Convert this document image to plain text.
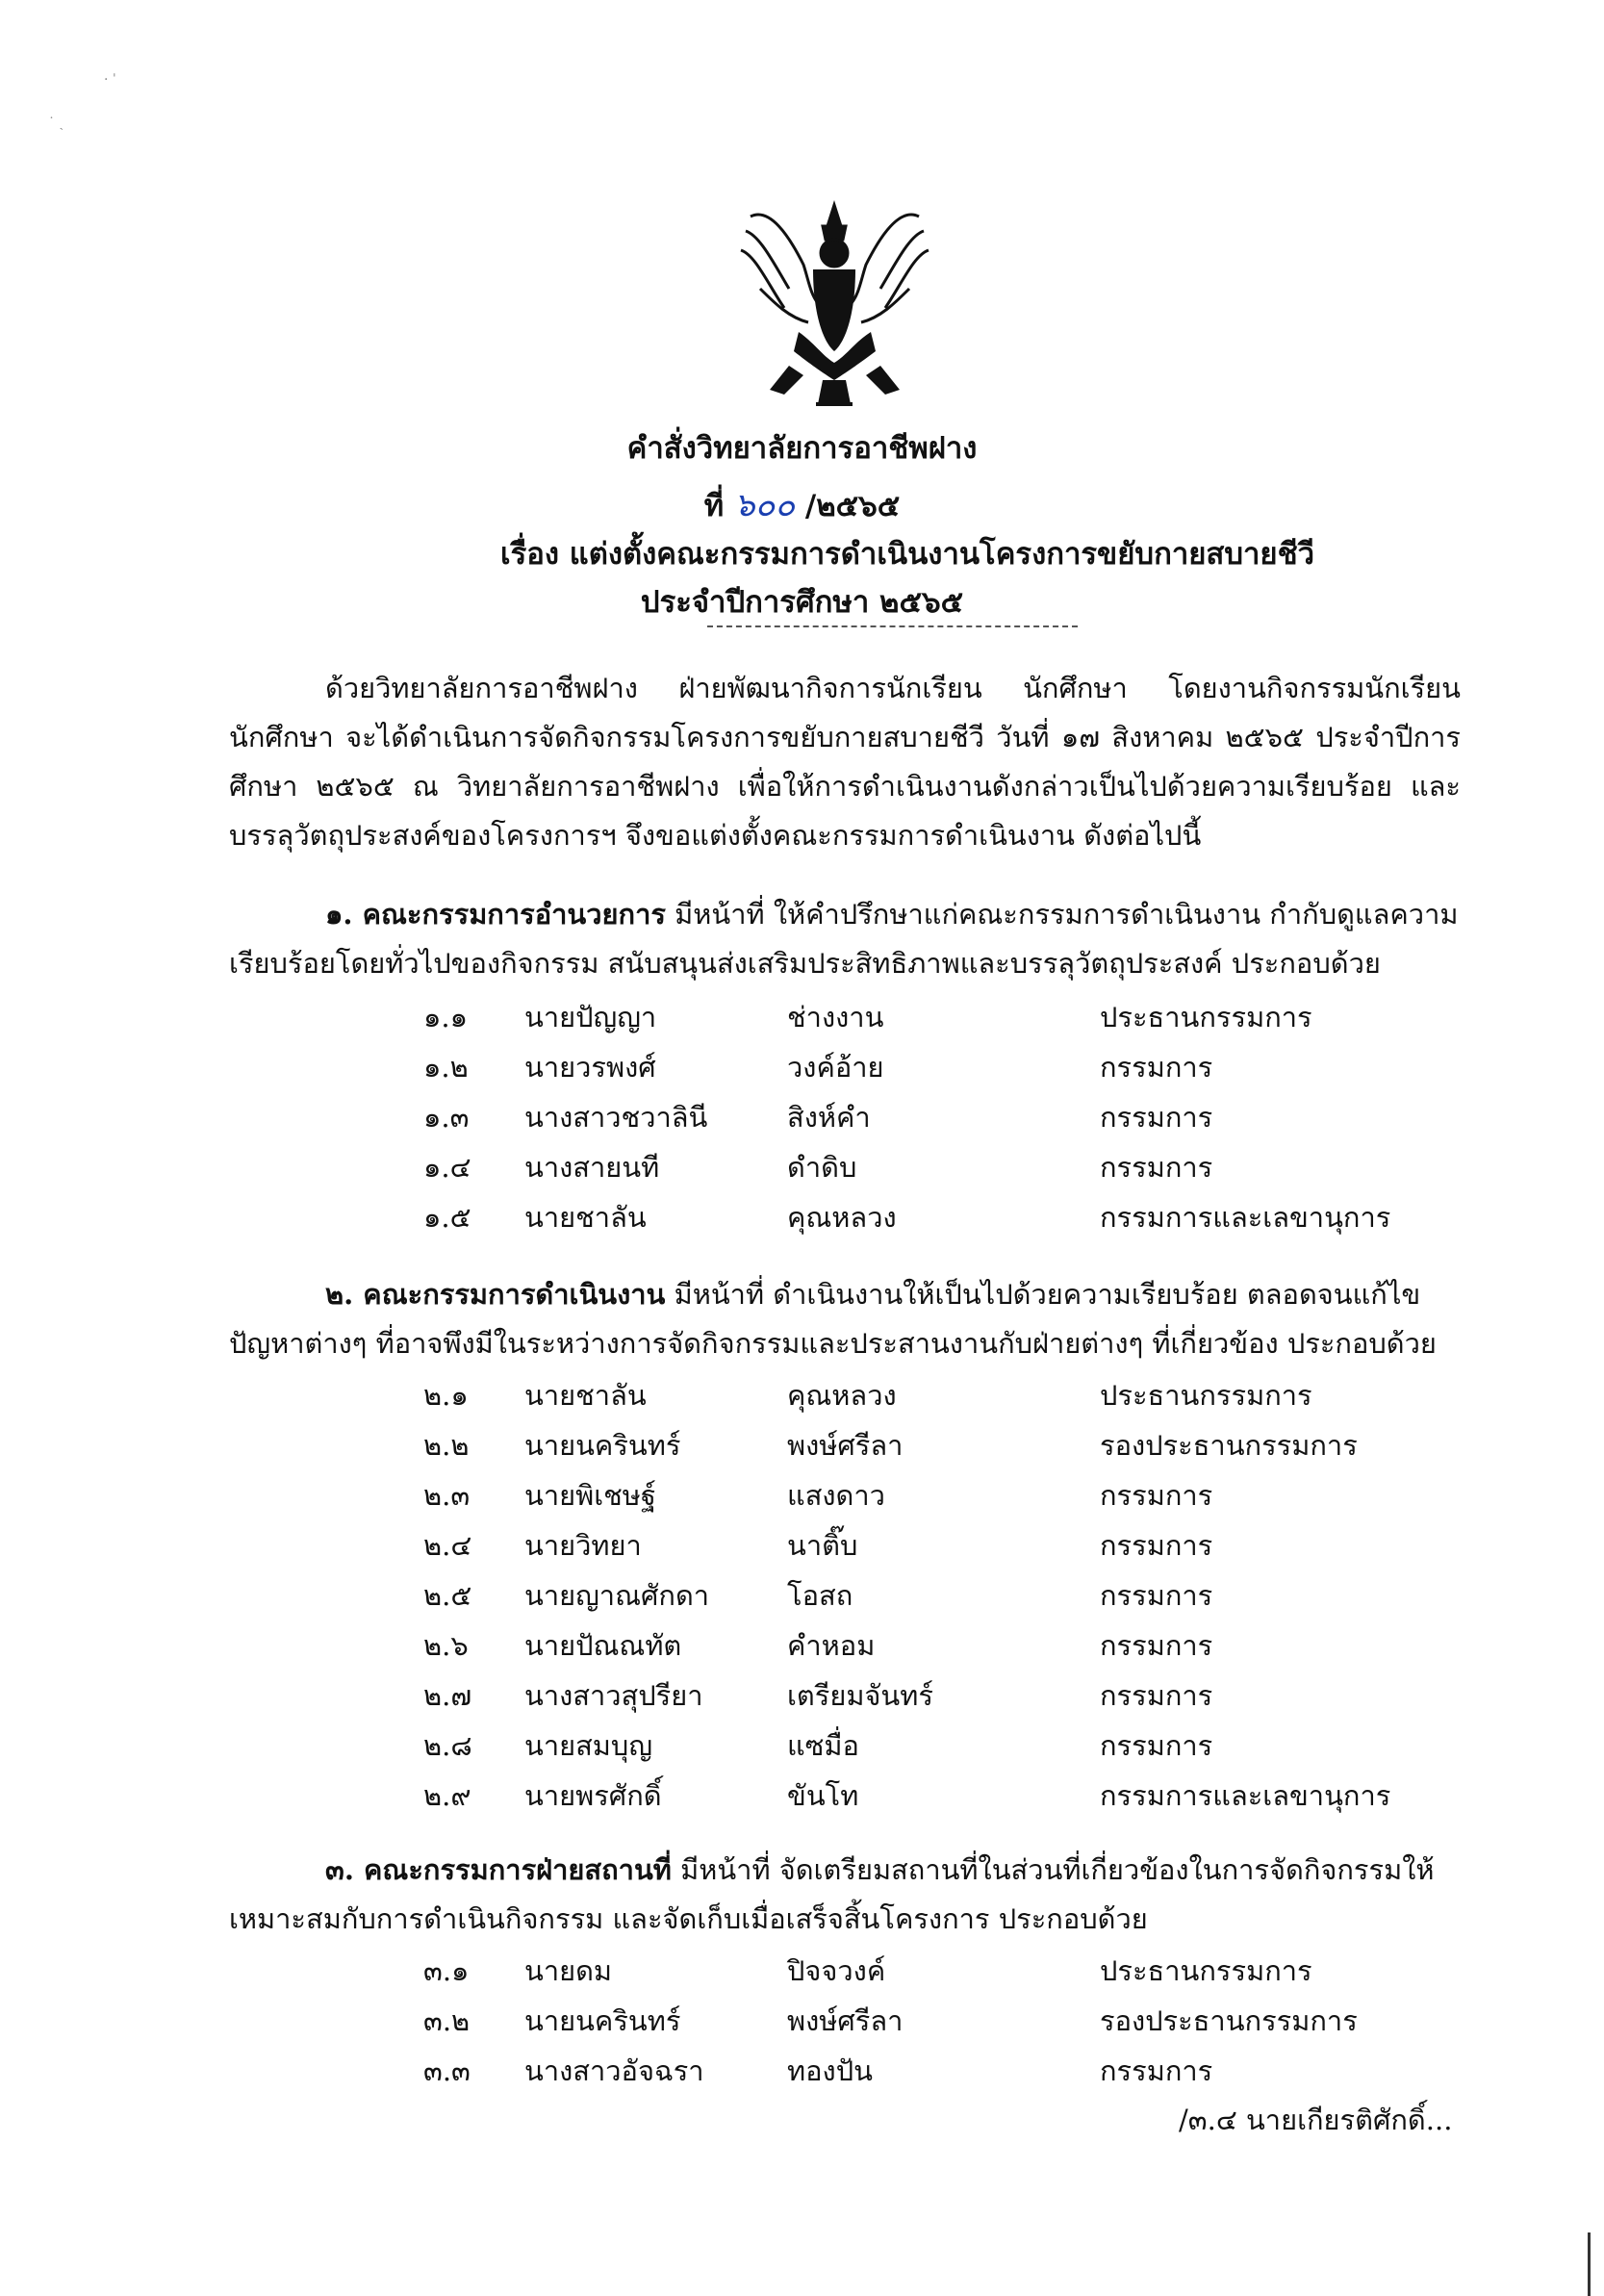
· ˈ
˙ ˏ
คำสั่งวิทยาลัยการอาชีพฝาง
ที่ ๖๐๐ /๒๕๖๕
เรื่อง แต่งตั้งคณะกรรมการดำเนินงานโครงการขยับกายสบายชีวี
ประจำปีการศึกษา ๒๕๖๕
ด้วยวิทยาลัยการอาชีพฝาง ฝ่ายพัฒนากิจการนักเรียน นักศึกษา โดยงานกิจกรรมนักเรียน นักศึกษา จะได้ดำเนินการจัดกิจกรรมโครงการขยับกายสบายชีวี วันที่ ๑๗ สิงหาคม ๒๕๖๕ ประจำปีการศึกษา ๒๕๖๕ ณ วิทยาลัยการอาชีพฝาง เพื่อให้การดำเนินงานดังกล่าวเป็นไปด้วยความเรียบร้อย และบรรลุวัตถุประสงค์ของโครงการฯ จึงขอแต่งตั้งคณะกรรมการดำเนินงาน ดังต่อไปนี้
๑. คณะกรรมการอำนวยการ มีหน้าที่ ให้คำปรึกษาแก่คณะกรรมการดำเนินงาน กำกับดูแลความเรียบร้อยโดยทั่วไปของกิจกรรม สนับสนุนส่งเสริมประสิทธิภาพและบรรลุวัตถุประสงค์ ประกอบด้วย
๑.๑	นายปัญญา	ช่างงาน	ประธานกรรมการ
๑.๒	นายวรพงศ์	วงค์อ้าย	กรรมการ
๑.๓	นางสาวชวาลินี	สิงห์คำ	กรรมการ
๑.๔	นางสายนที	ดำดิบ	กรรมการ
๑.๕	นายชาลัน	คุณหลวง	กรรมการและเลขานุการ
๒. คณะกรรมการดำเนินงาน มีหน้าที่ ดำเนินงานให้เป็นไปด้วยความเรียบร้อย ตลอดจนแก้ไขปัญหาต่างๆ ที่อาจพึงมีในระหว่างการจัดกิจกรรมและประสานงานกับฝ่ายต่างๆ ที่เกี่ยวข้อง ประกอบด้วย
๒.๑	นายชาลัน	คุณหลวง	ประธานกรรมการ
๒.๒	นายนครินทร์	พงษ์ศรีลา	รองประธานกรรมการ
๒.๓	นายพิเชษฐ์	แสงดาว	กรรมการ
๒.๔	นายวิทยา	นาติ๊บ	กรรมการ
๒.๕	นายญาณศักดา	โอสถ	กรรมการ
๒.๖	นายปัณณทัต	คำหอม	กรรมการ
๒.๗	นางสาวสุปรียา	เตรียมจันทร์	กรรมการ
๒.๘	นายสมบุญ	แซมื่อ	กรรมการ
๒.๙	นายพรศักดิ์	ขันโท	กรรมการและเลขานุการ
๓. คณะกรรมการฝ่ายสถานที่ มีหน้าที่ จัดเตรียมสถานที่ในส่วนที่เกี่ยวข้องในการจัดกิจกรรมให้เหมาะสมกับการดำเนินกิจกรรม และจัดเก็บเมื่อเสร็จสิ้นโครงการ ประกอบด้วย
๓.๑	นายดม	ปิจจวงค์	ประธานกรรมการ
๓.๒	นายนครินทร์	พงษ์ศรีลา	รองประธานกรรมการ
๓.๓	นางสาวอัจฉรา	ทองปัน	กรรมการ
/๓.๔ นายเกียรติศักดิ์...
